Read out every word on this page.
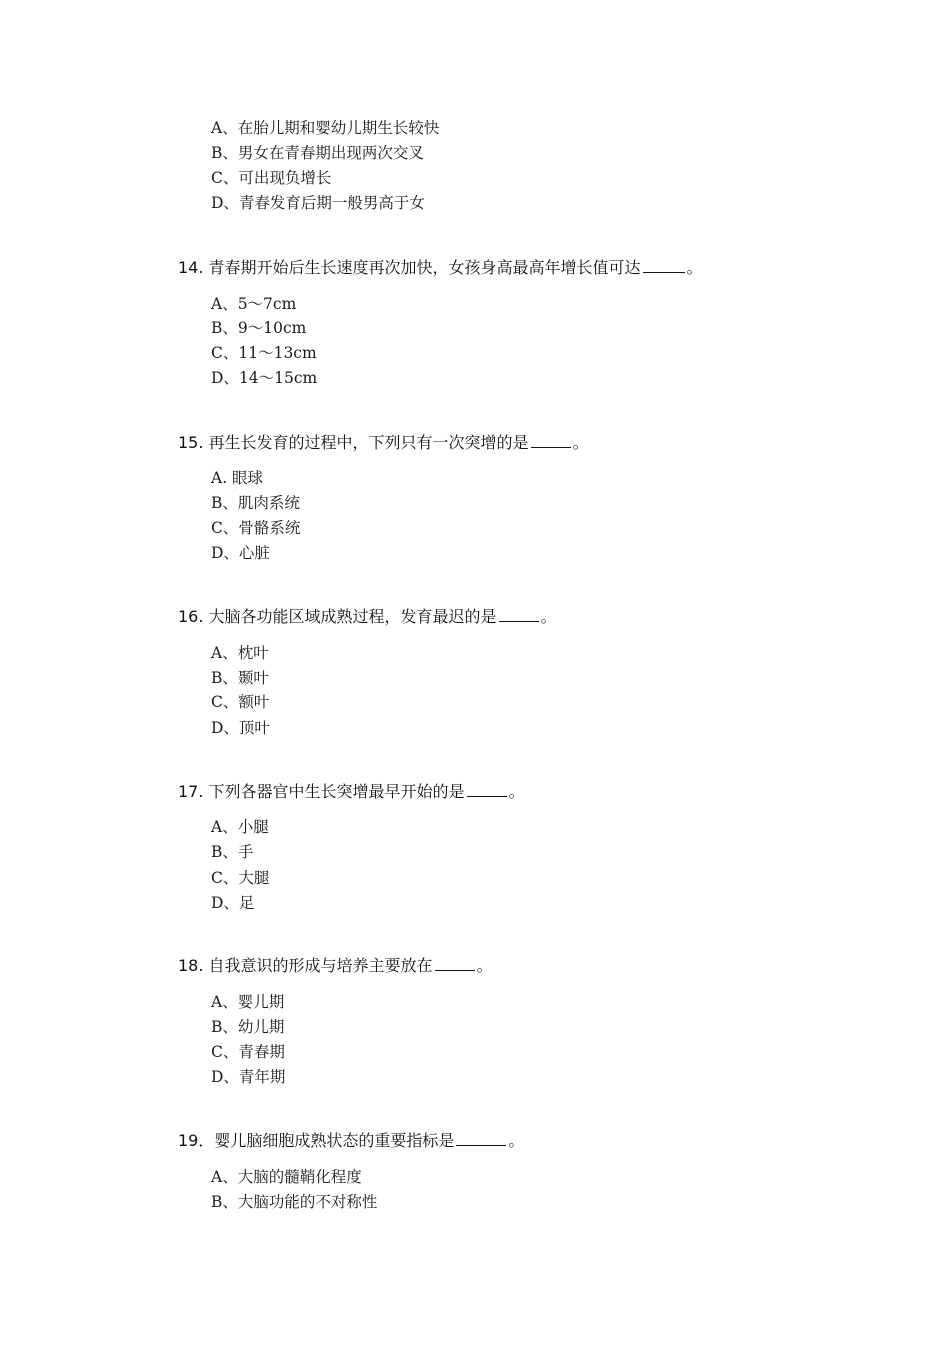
A、在胎儿期和婴幼儿期生长较快
B、男女在青春期出现两次交叉
C、可出现负增长
D、青春发育后期一般男高于女
14. 青春期开始后生长速度再次加快，女孩身高最高年增长值可达	。
A、5～7cm
B、9～10cm
C、11～13cm
D、14～15cm
15. 再生长发育的过程中，下列只有一次突增的是	。
A. 眼球
B、肌肉系统
C、骨骼系统
D、心脏
16. 大脑各功能区域成熟过程，发育最迟的是	。
A、枕叶
B、颞叶
C、额叶
D、顶叶
17. 下列各器官中生长突增最早开始的是	。
A、小腿
B、手
C、大腿
D、足
18. 自我意识的形成与培养主要放在	。
A、婴儿期
B、幼儿期
C、青春期
D、青年期
19．婴儿脑细胞成熟状态的重要指标是	。
A、大脑的髓鞘化程度
B、大脑功能的不对称性
